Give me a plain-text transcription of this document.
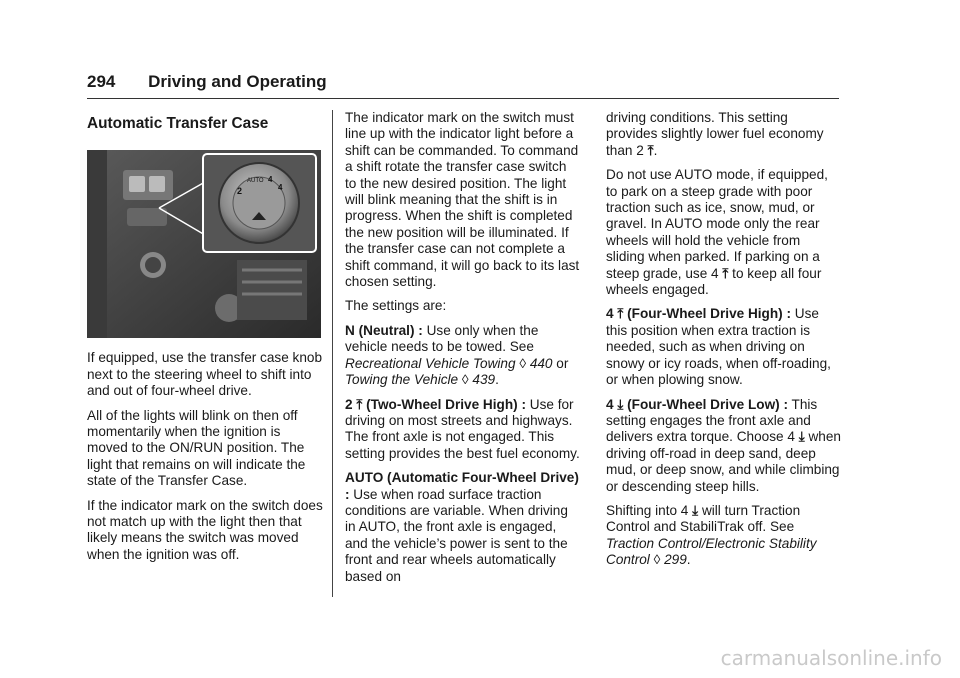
294 Driving and Operating
Automatic Transfer Case
2
AUTO 4
4

If equipped, use the transfer case knob next to the steering wheel to shift into and out of four-wheel drive.

All of the lights will blink on then off momentarily when the ignition is moved to the ON/RUN position. The light that remains on will indicate the state of the Transfer Case.

If the indicator mark on the switch does not match up with the light then that likely means the switch was moved when the ignition was off.

The indicator mark on the switch must line up with the indicator light before a shift can be commanded. To command a shift rotate the transfer case switch to the new desired position. The light will blink meaning that the shift is in progress. When the shift is completed the new position will be illuminated. If the transfer case can not complete a shift command, it will go back to its last chosen setting.

The settings are:

N (Neutral) : Use only when the vehicle needs to be towed. See Recreational Vehicle Towing ◊ 440 or Towing the Vehicle ◊ 439.

2 ⤒ (Two-Wheel Drive High) : Use for driving on most streets and highways. The front axle is not engaged. This setting provides the best fuel economy.

AUTO (Automatic Four-Wheel Drive) : Use when road surface traction conditions are variable. When driving in AUTO, the front axle is engaged, and the vehicle’s power is sent to the front and rear wheels automatically based on

driving conditions. This setting provides slightly lower fuel economy than 2 ⤒.

Do not use AUTO mode, if equipped, to park on a steep grade with poor traction such as ice, snow, mud, or gravel. In AUTO mode only the rear wheels will hold the vehicle from sliding when parked. If parking on a steep grade, use 4 ⤒ to keep all four wheels engaged.

4 ⤒ (Four-Wheel Drive High) : Use this position when extra traction is needed, such as when driving on snowy or icy roads, when off-roading, or when plowing snow.

4 ⤓ (Four-Wheel Drive Low) : This setting engages the front axle and delivers extra torque. Choose 4 ⤓ when driving off-road in deep sand, deep mud, or deep snow, and while climbing or descending steep hills.

Shifting into 4 ⤓ will turn Traction Control and StabiliTrak off. See Traction Control/Electronic Stability Control ◊ 299.

carmanualsonline.info
